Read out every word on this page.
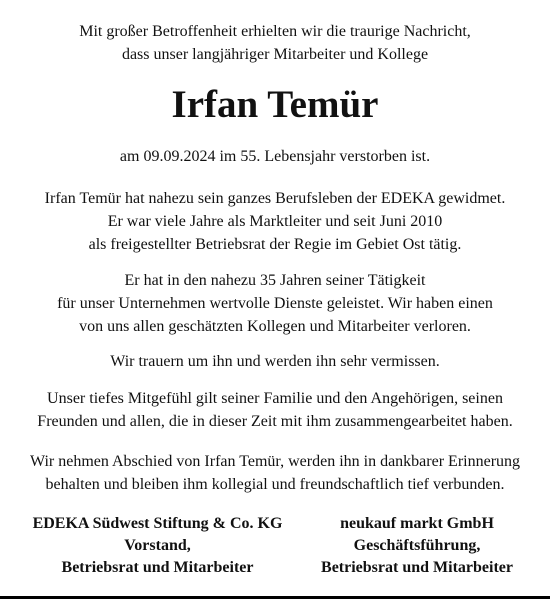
Mit großer Betroffenheit erhielten wir die traurige Nachricht,
dass unser langjähriger Mitarbeiter und Kollege
Irfan Temür
am 09.09.2024 im 55. Lebensjahr verstorben ist.
Irfan Temür hat nahezu sein ganzes Berufsleben der EDEKA gewidmet.
Er war viele Jahre als Marktleiter und seit Juni 2010
als freigestellter Betriebsrat der Regie im Gebiet Ost tätig.
Er hat in den nahezu 35 Jahren seiner Tätigkeit
für unser Unternehmen wertvolle Dienste geleistet. Wir haben einen
von uns allen geschätzten Kollegen und Mitarbeiter verloren.
Wir trauern um ihn und werden ihn sehr vermissen.
Unser tiefes Mitgefühl gilt seiner Familie und den Angehörigen, seinen
Freunden und allen, die in dieser Zeit mit ihm zusammengearbeitet haben.
Wir nehmen Abschied von Irfan Temür, werden ihn in dankbarer Erinnerung
behalten und bleiben ihm kollegial und freundschaftlich tief verbunden.
EDEKA Südwest Stiftung & Co. KG
Vorstand,
Betriebsrat und Mitarbeiter
neukauf markt GmbH
Geschäftsführung,
Betriebsrat und Mitarbeiter
